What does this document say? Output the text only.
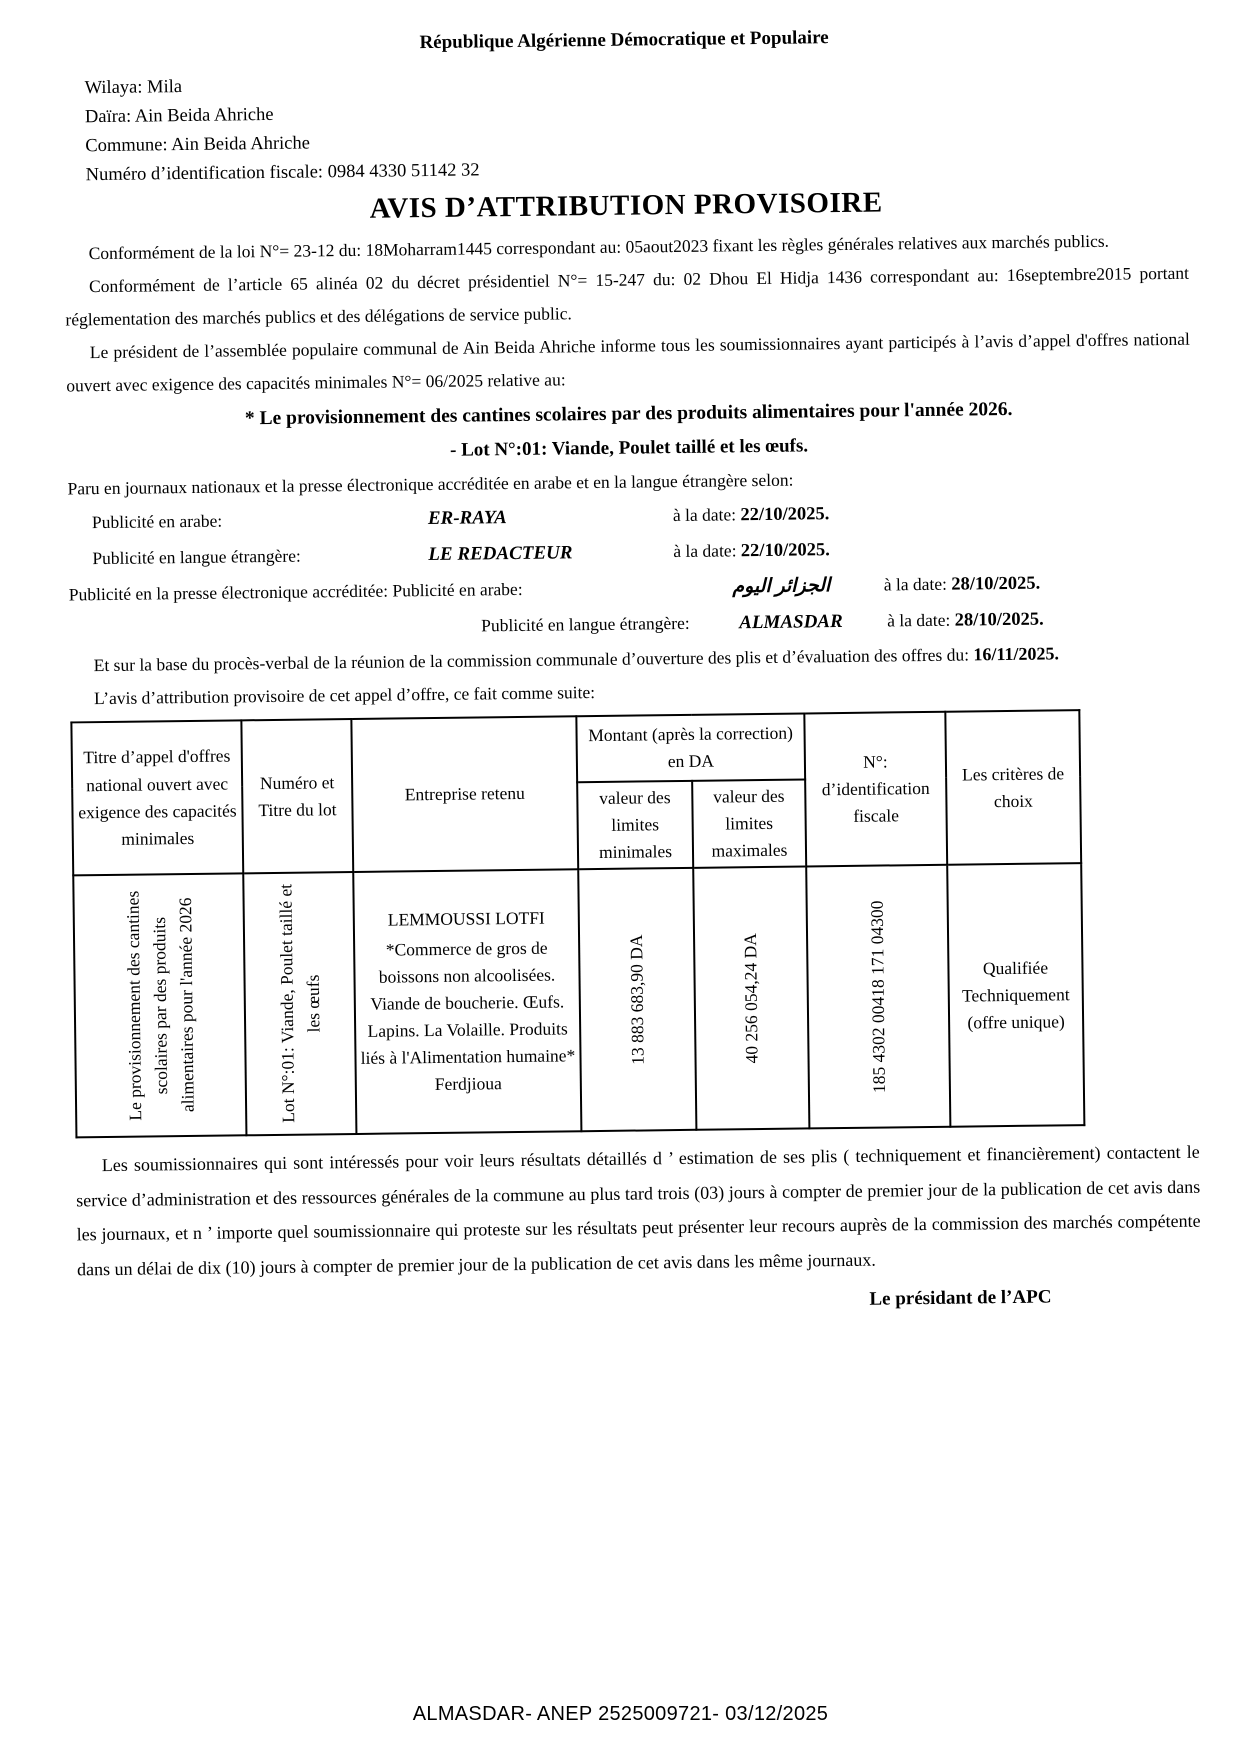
République Algérienne Démocratique et Populaire
Wilaya: Mila
Daïra: Ain Beida Ahriche
Commune: Ain Beida Ahriche
Numéro d’identification fiscale: 0984 4330 51142 32
AVIS D’ATTRIBUTION PROVISOIRE

Conformément de la loi N°= 23-12 du: 18Moharram1445 correspondant au: 05aout2023 fixant les règles générales relatives aux marchés publics.

Conformément de l’article 65 alinéa 02 du décret présidentiel N°= 15-247 du: 02 Dhou El Hidja 1436 correspondant au: 16septembre2015 portant réglementation des marchés publics et des délégations de service public.

Le président de l’assemblée populaire communal de Ain Beida Ahriche informe tous les soumissionnaires ayant participés à l’avis d’appel d'offres national ouvert avec exigence des capacités minimales N°= 06/2025 relative au:

* Le provisionnement des cantines scolaires par des produits alimentaires pour l'année 2026.
- Lot N°:01: Viande, Poulet taillé et les œufs.

Paru en journaux nationaux et la presse électronique accréditée en arabe et en la langue étrangère selon:

Publicité en arabe:	ER-RAYA	à la date: 22/10/2025.
Publicité en langue étrangère:	LE REDACTEUR	à la date: 22/10/2025.
Publicité en la presse électronique accréditée: Publicité en arabe:	الجزائر اليوم	à la date: 28/10/2025.
Publicité en langue étrangère:	ALMASDAR	à la date: 28/10/2025.

Et sur la base du procès-verbal de la réunion de la commission communale d’ouverture des plis et d’évaluation des offres du: 16/11/2025.

L’avis d’attribution provisoire de cet appel d’offre, ce fait comme suite:

Titre d’appel d'offres national ouvert avec exigence des capacités minimales	Numéro et Titre du lot	Entreprise retenu	Montant (après la correction) en DA		N°: d’identification fiscale	Les critères de choix
			valeur des limites minimales	valeur des limites maximales		

Le provisionnement des cantines scolaires par des produits alimentaires pour l'année 2026	Lot N°:01: Viande, Poulet taillé et les œufs	LEMMOUSSI LOTFI
*Commerce de gros de boissons non alcoolisées. Viande de boucherie. Œufs. Lapins. La Volaille. Produits liés à l'Alimentation humaine*
Ferdjioua	13 883 683,90 DA	40 256 054,24 DA	185 4302 00418 171 04300	Qualifiée Techniquement (offre unique)

Les soumissionnaires qui sont intéressés pour voir leurs résultats détaillés d ’ estimation de ses plis ( techniquement et financièrement) contactent le service d’administration et des ressources générales de la commune au plus tard trois (03) jours à compter de premier jour de la publication de cet avis dans les journaux, et n ’ importe quel soumissionnaire qui proteste sur les résultats peut présenter leur recours auprès de la commission des marchés compétente dans un délai de dix (10) jours à compter de premier jour de la publication de cet avis dans les même journaux.

Le présidant de l’APC
ALMASDAR- ANEP 2525009721- 03/12/2025
